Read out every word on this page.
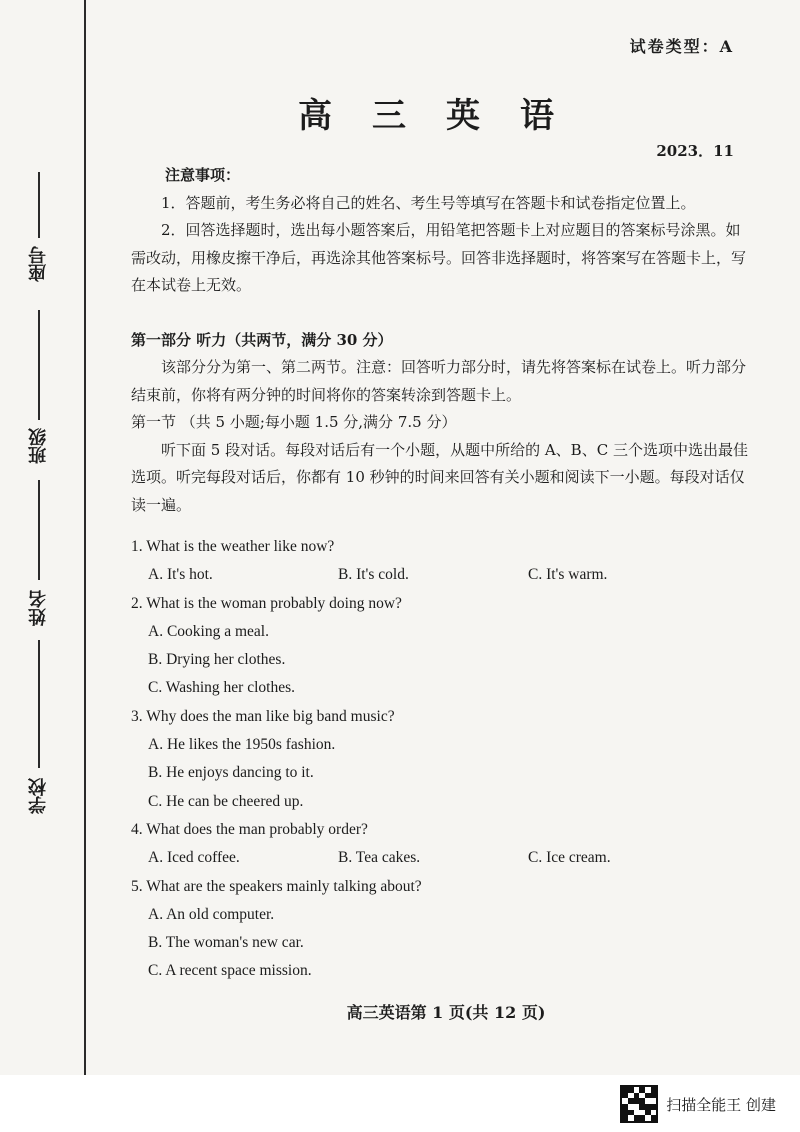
座号
班级
姓名
学校
试卷类型：A
高三英语
2023．11

注意事项：

1．答题前，考生务必将自己的姓名、考生号等填写在答题卡和试卷指定位置上。

2．回答选择题时，选出每小题答案后，用铅笔把答题卡上对应题目的答案标号涂黑。如需改动，用橡皮擦干净后，再选涂其他答案标号。回答非选择题时，将答案写在答题卡上，写在本试卷上无效。

第一部分 听力（共两节，满分 30 分）

该部分分为第一、第二两节。注意：回答听力部分时，请先将答案标在试卷上。听力部分结束前，你将有两分钟的时间将你的答案转涂到答题卡上。

第一节 （共 5 小题;每小题 1.5 分,满分 7.5 分）

听下面 5 段对话。每段对话后有一个小题，从题中所给的 A、B、C 三个选项中选出最佳选项。听完每段对话后，你都有 10 秒钟的时间来回答有关小题和阅读下一小题。每段对话仅读一遍。

1. What is the weather like now?

A. It's hot.	B. It's cold.	C. It's warm.

2. What is the woman probably doing now?

A. Cooking a meal.
B. Drying her clothes.
C. Washing her clothes.

3. Why does the man like big band music?

A. He likes the 1950s fashion.
B. He enjoys dancing to it.
C. He can be cheered up.

4. What does the man probably order?

A. Iced coffee.	B. Tea cakes.	C. Ice cream.

5. What are the speakers mainly talking about?

A. An old computer.
B. The woman's new car.
C. A recent space mission.
高三英语第 1 页(共 12 页)
扫描全能王 创建
